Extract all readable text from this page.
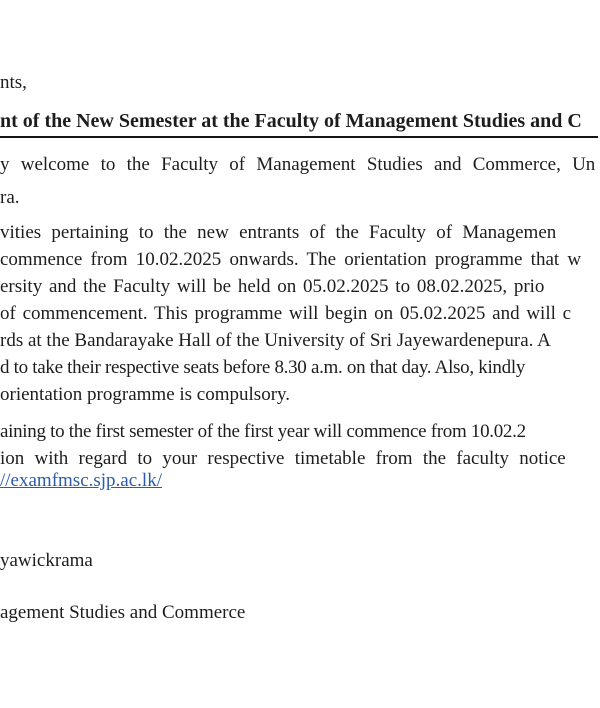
nts,
nt of the New Semester at the Faculty of Management Studies and C
y welcome to the Faculty of Management Studies and Commerce, Un
ra.
vities pertaining to the new entrants of the Faculty of Managemen
commence from 10.02.2025 onwards. The orientation programme that w
ersity and the Faculty will be held on 05.02.2025 to 08.02.2025, prio
of commencement. This programme will begin on 05.02.2025 and will c
rds at the Bandarayake Hall of the University of Sri Jayewardenepura. A
d to take their respective seats before 8.30 a.m. on that day. Also, kindly
orientation programme is compulsory.
aining to the first semester of the first year will commence from 10.02.2
ion with regard to your respective timetable from the faculty notice
//examfmsc.sjp.ac.lk/
yawickrama
agement Studies and Commerce
